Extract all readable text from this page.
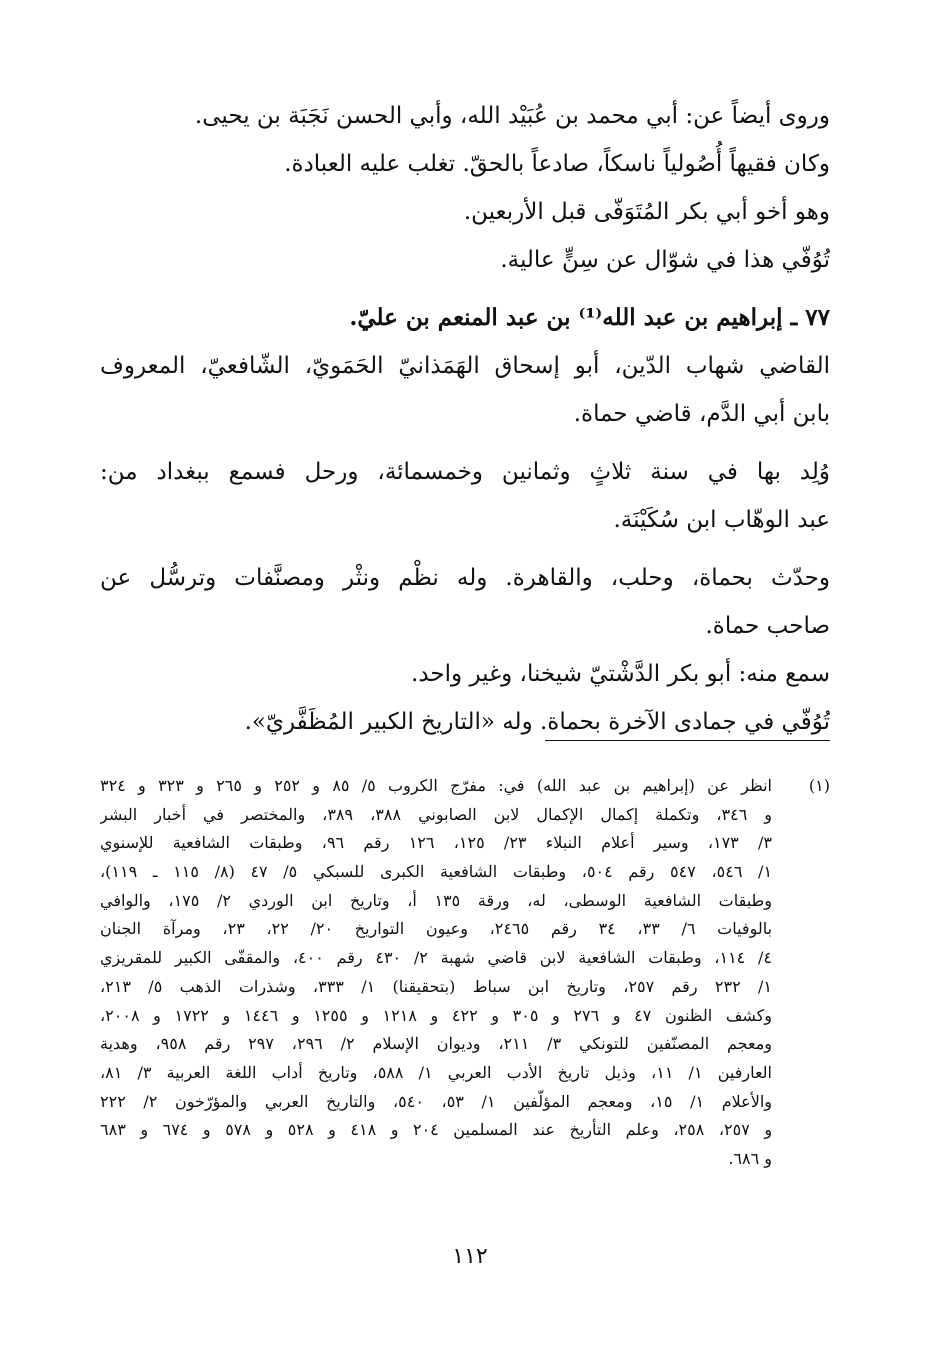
وروى أيضاً عن: أبي محمد بن عُبَيْد الله، وأبي الحسن نَجَبَة بن يحيى.
وكان فقيهاً أُصُولياً ناسكاً، صادعاً بالحقّ. تغلب عليه العبادة.
وهو أخو أبي بكر المُتَوَفّى قبل الأربعين.
تُوُفّي هذا في شوّال عن سِنٍّ عالية.
٧٧ ـ إبراهيم بن عبد الله⁽¹⁾ بن عبد المنعم بن عليّ.
القاضي شهاب الدّين، أبو إسحاق الهَمَذانيّ الحَمَويّ، الشّافعيّ، المعروف
بابن أبي الدَّم، قاضي حماة.
وُلِد بها في سنة ثلاثٍ وثمانين وخمسمائة، ورحل فسمع ببغداد من:
عبد الوهّاب ابن سُكَيْنَة.
وحدّث بحماة، وحلب، والقاهرة. وله نظْم ونثْر ومصنَّفات وترسُّل عن
صاحب حماة.
سمع منه: أبو بكر الدَّشْتيّ شيخنا، وغير واحد.
تُوُفّي في جمادى الآخرة بحماة. وله «التاريخ الكبير المُظَفَّريّ».
(١)
انظر عن (إبراهيم بن عبد الله) في: مفرّج الكروب ٥/ ٨٥ و ٢٥٢ و ٢٦٥ و ٣٢٣ و ٣٢٤
و ٣٤٦، وتكملة إكمال الإكمال لابن الصابوني ٣٨٨، ٣٨٩، والمختصر في أخبار البشر
٣/ ١٧٣، وسير أعلام النبلاء ٢٣/ ١٢٥، ١٢٦ رقم ٩٦، وطبقات الشافعية للإسنوي
١/ ٥٤٦، ٥٤٧ رقم ٥٠٤، وطبقات الشافعية الكبرى للسبكي ٥/ ٤٧ (٨/ ١١٥ ـ ١١٩)،
وطبقات الشافعية الوسطى، له، ورقة ١٣٥ أ، وتاريخ ابن الوردي ٢/ ١٧٥، والوافي
بالوفيات ٦/ ٣٣، ٣٤ رقم ٢٤٦٥، وعيون التواريخ ٢٠/ ٢٢، ٢٣، ومرآة الجنان
٤/ ١١٤، وطبقات الشافعية لابن قاضي شهبة ٢/ ٤٣٠ رقم ٤٠٠، والمقفّى الكبير للمقريزي
١/ ٢٣٢ رقم ٢٥٧، وتاريخ ابن سباط (بتحقيقنا) ١/ ٣٣٣، وشذرات الذهب ٥/ ٢١٣،
وكشف الظنون ٤٧ و ٢٧٦ و ٣٠٥ و ٤٢٢ و ١٢١٨ و ١٢٥٥ و ١٤٤٦ و ١٧٢٢ و ٢٠٠٨،
ومعجم المصنّفين للتونكي ٣/ ٢١١، وديوان الإسلام ٢/ ٢٩٦، ٢٩٧ رقم ٩٥٨، وهدية
العارفين ١/ ١١، وذيل تاريخ الأدب العربي ١/ ٥٨٨، وتاريخ أداب اللغة العربية ٣/ ٨١،
والأعلام ١/ ١٥، ومعجم المؤلّفين ١/ ٥٣، ٥٤٠، والتاريخ العربي والمؤرّخون ٢/ ٢٢٢
و ٢٥٧، ٢٥٨، وعلم التأريخ عند المسلمين ٢٠٤ و ٤١٨ و ٥٢٨ و ٥٧٨ و ٦٧٤ و ٦٨٣
و ٦٨٦.
١١٢
